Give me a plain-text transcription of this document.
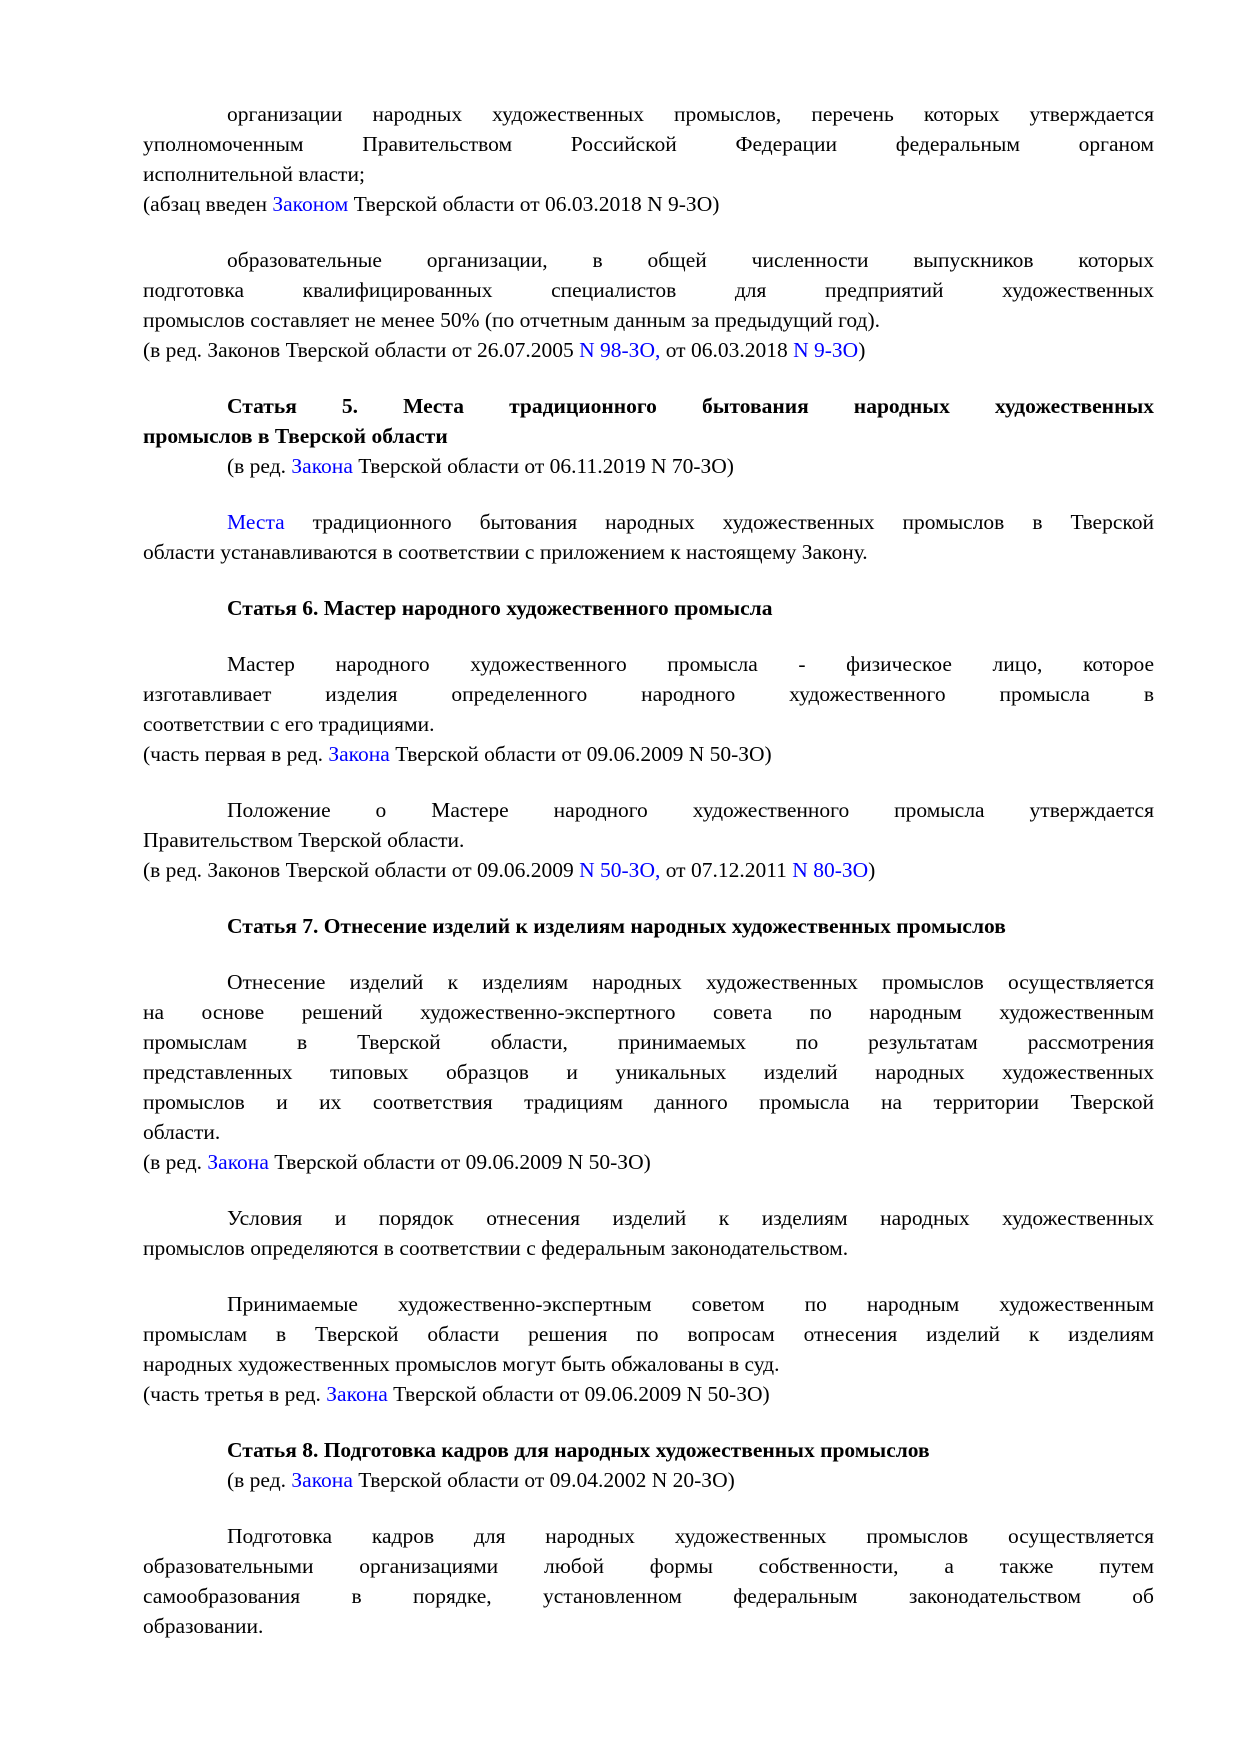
организации народных художественных промыслов, перечень которых утверждается
уполномоченным Правительством Российской Федерации федеральным органом
исполнительной власти;
(абзац введен Законом Тверской области от 06.03.2018 N 9-ЗО)
образовательные организации, в общей численности выпускников которых
подготовка квалифицированных специалистов для предприятий художественных
промыслов составляет не менее 50% (по отчетным данным за предыдущий год).
(в ред. Законов Тверской области от 26.07.2005 N 98-ЗО, от 06.03.2018 N 9-ЗО)
Статья 5. Места традиционного бытования народных художественных
промыслов в Тверской области
(в ред. Закона Тверской области от 06.11.2019 N 70-ЗО)
Места традиционного бытования народных художественных промыслов в Тверской
области устанавливаются в соответствии с приложением к настоящему Закону.
Статья 6. Мастер народного художественного промысла
Мастер народного художественного промысла - физическое лицо, которое
изготавливает изделия определенного народного художественного промысла в
соответствии с его традициями.
(часть первая в ред. Закона Тверской области от 09.06.2009 N 50-ЗО)
Положение о Мастере народного художественного промысла утверждается
Правительством Тверской области.
(в ред. Законов Тверской области от 09.06.2009 N 50-ЗО, от 07.12.2011 N 80-ЗО)
Статья 7. Отнесение изделий к изделиям народных художественных промыслов
Отнесение изделий к изделиям народных художественных промыслов осуществляется
на основе решений художественно-экспертного совета по народным художественным
промыслам в Тверской области, принимаемых по результатам рассмотрения
представленных типовых образцов и уникальных изделий народных художественных
промыслов и их соответствия традициям данного промысла на территории Тверской
области.
(в ред. Закона Тверской области от 09.06.2009 N 50-ЗО)
Условия и порядок отнесения изделий к изделиям народных художественных
промыслов определяются в соответствии с федеральным законодательством.
Принимаемые художественно-экспертным советом по народным художественным
промыслам в Тверской области решения по вопросам отнесения изделий к изделиям
народных художественных промыслов могут быть обжалованы в суд.
(часть третья в ред. Закона Тверской области от 09.06.2009 N 50-ЗО)
Статья 8. Подготовка кадров для народных художественных промыслов
(в ред. Закона Тверской области от 09.04.2002 N 20-ЗО)
Подготовка кадров для народных художественных промыслов осуществляется
образовательными организациями любой формы собственности, а также путем
самообразования в порядке, установленном федеральным законодательством об
образовании.
